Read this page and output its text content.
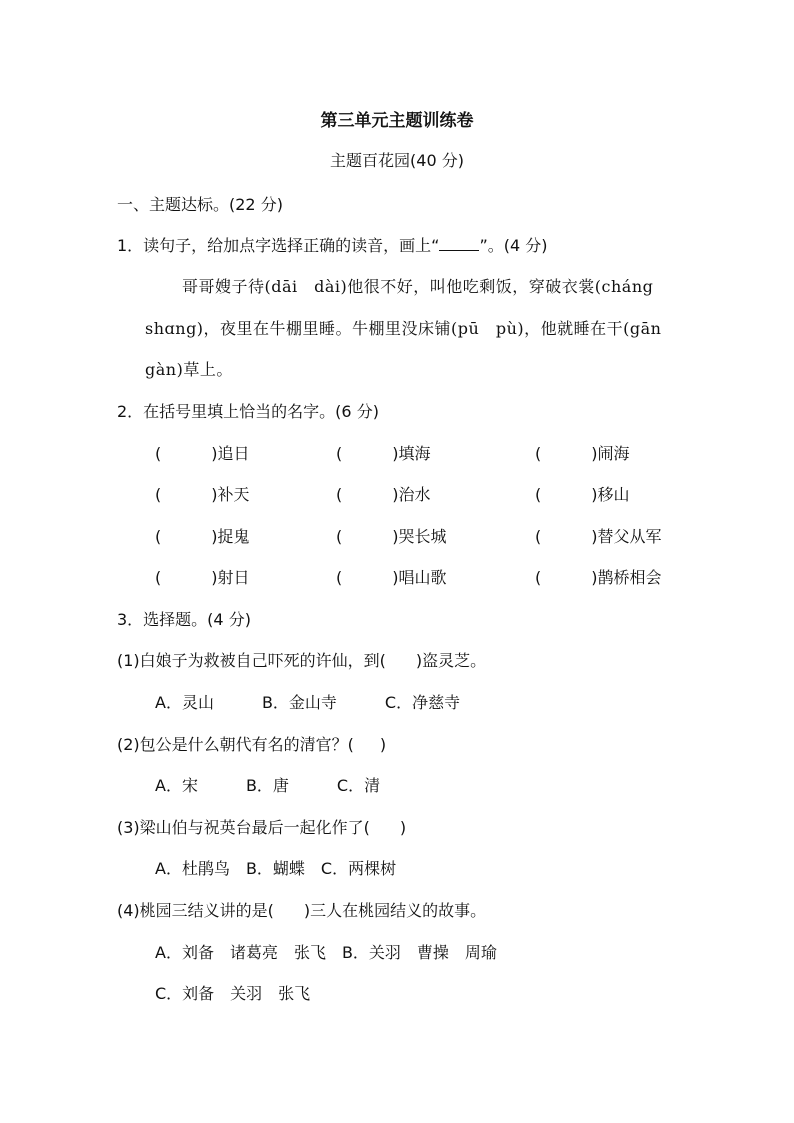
第三单元主题训练卷
主题百花园(40 分)
一、主题达标。(22 分)
1．读句子，给加点字选择正确的读音，画上“	”。(4 分)
哥哥嫂子待(dāi　dài)他很不好，叫他吃剩饭，穿破衣裳(cháng
shɑng)，夜里在牛棚里睡。牛棚里没床铺(pū　pù)，他就睡在干(gān
gàn)草上。
2．在括号里填上恰当的名字。(6 分)
(	)追日	(	)填海	(	)闹海
(	)补天	(	)治水	(	)移山
(	)捉鬼	(	)哭长城	(	)替父从军
(	)射日	(	)唱山歌	(	)鹊桥相会
3．选择题。(4 分)
(1)白娘子为救被自己吓死的许仙，到( )盗灵芝。
A．灵山　　　B．金山寺　　　C．净慈寺
(2)包公是什么朝代有名的清官？( )
A．宋　　　B．唐　　　C．清
(3)梁山伯与祝英台最后一起化作了( )
A．杜鹃鸟　B．蝴蝶　C．两棵树
(4)桃园三结义讲的是( )三人在桃园结义的故事。
A．刘备　诸葛亮　张飞　B．关羽　曹操　周瑜
C．刘备　关羽　张飞
